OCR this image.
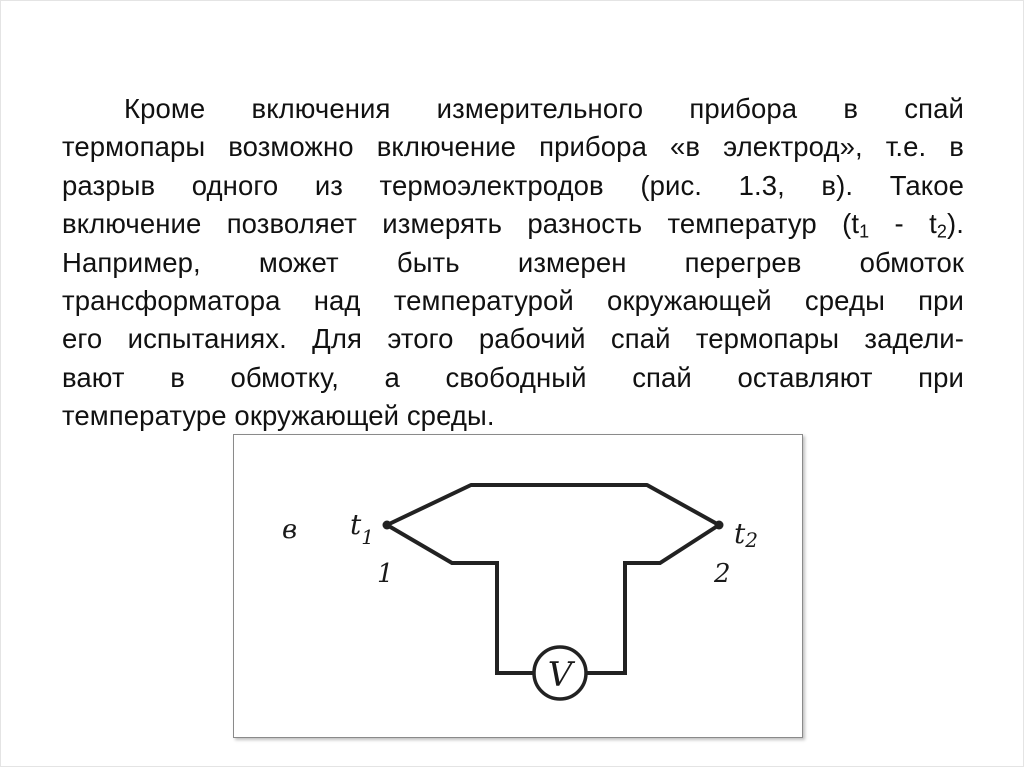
Кроме включения измерительного прибора в спай
термопары возможно включение прибора «в электрод», т.е. в
разрыв одного из термоэлектродов (рис. 1.3, в). Такое
включение позволяет измерять разность температур $(t_1 - t_2)$.
Например, может быть измерен перегрев обмоток
трансформатора над температурой окружающей среды при
его испытаниях. Для этого рабочий спай термопары задели-
вают в обмотку, а свободный спай оставляют при
температуре окружающей среды.
V
в $t_1$	t2
1	2
